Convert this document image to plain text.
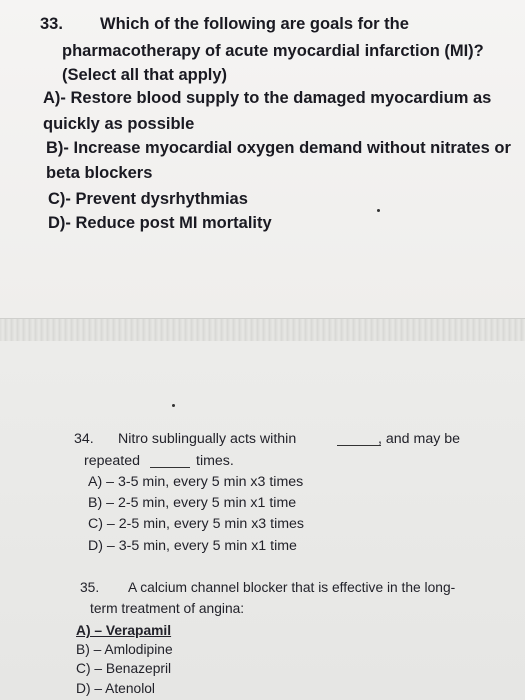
33. Which of the following are goals for the
pharmacotherapy of acute myocardial infarction (MI)?
(Select all that apply)
A)- Restore blood supply to the damaged myocardium as
quickly as possible
B)- Increase myocardial oxygen demand without nitrates or
beta blockers
C)- Prevent dysrhythmias
D)- Reduce post MI mortality
34. Nitro sublingually acts within	, and may be
repeated	times.
A) – 3-5 min, every 5 min x3 times
B) – 2-5 min, every 5 min x1 time
C) – 2-5 min, every 5 min x3 times
D) – 3-5 min, every 5 min x1 time
35. A calcium channel blocker that is effective in the long-
term treatment of angina:
A) – Verapamil
B) – Amlodipine
C) – Benazepril
D) – Atenolol
